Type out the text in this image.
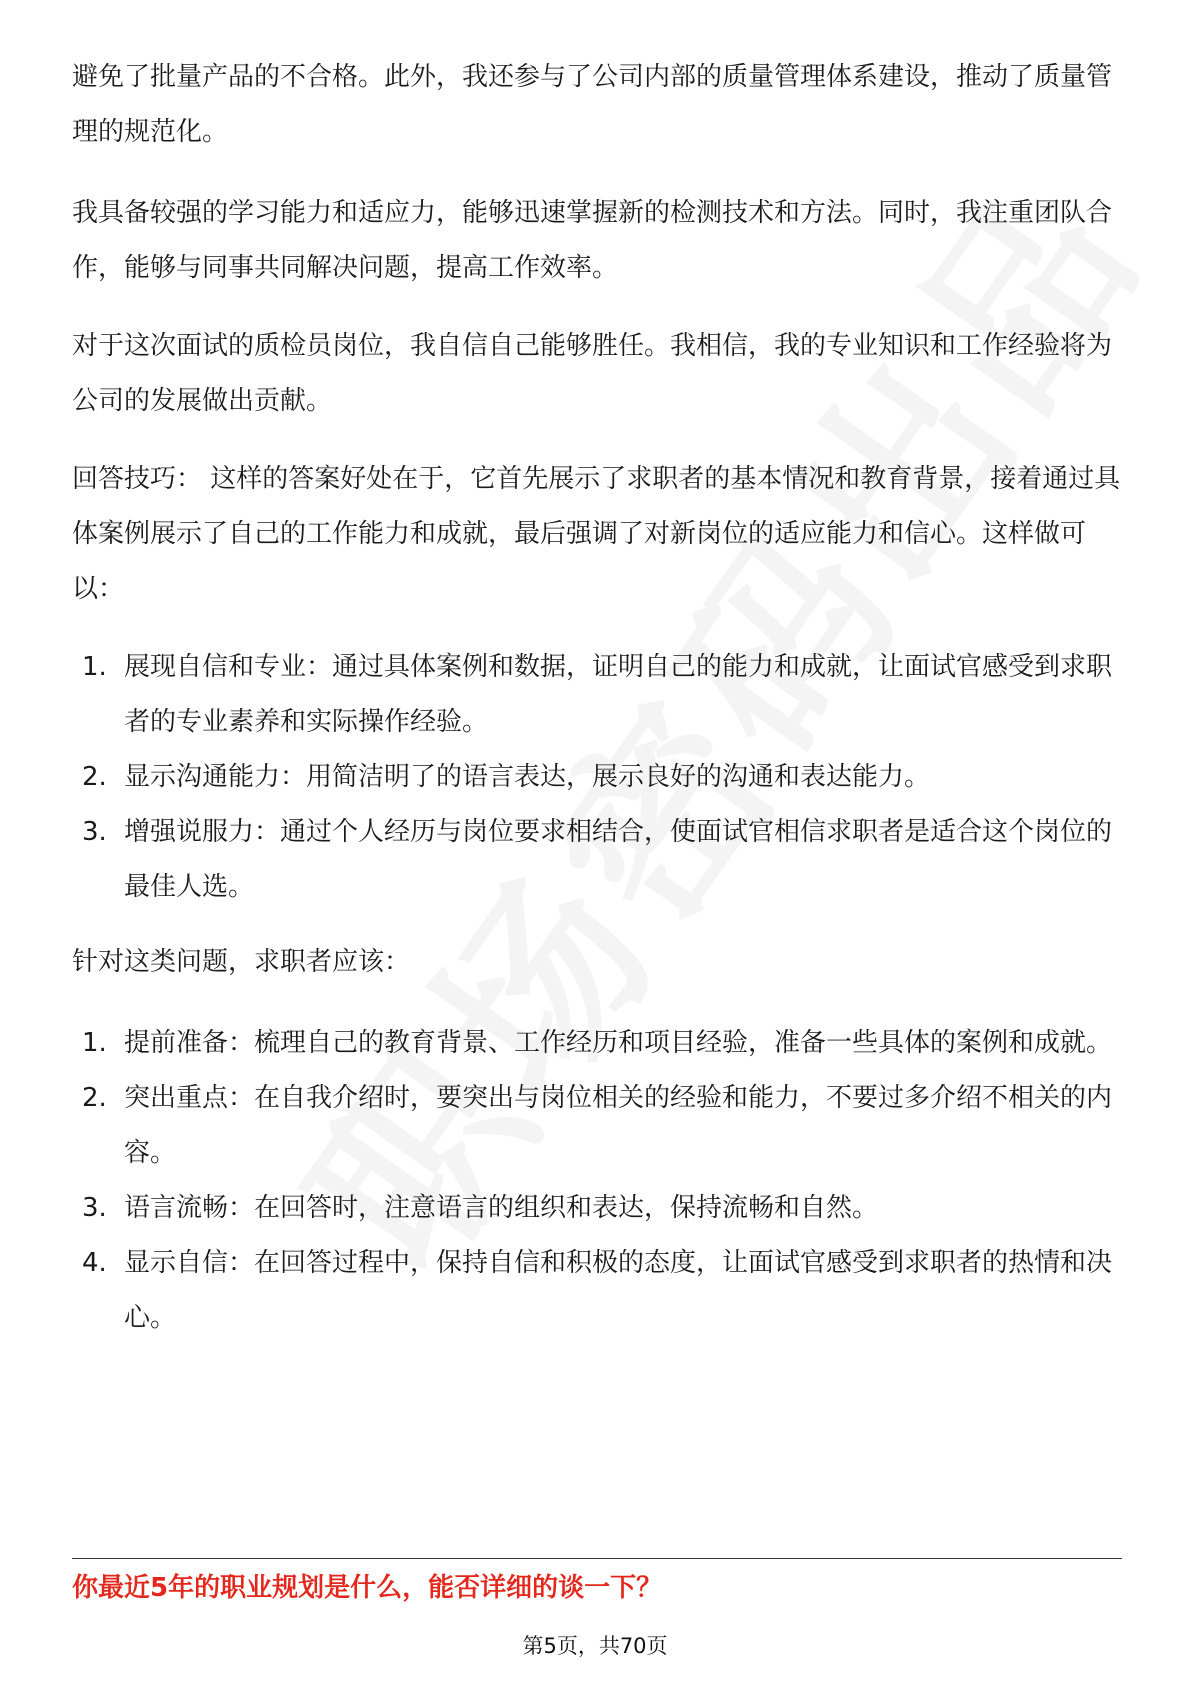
避免了批量产品的不合格。此外，我还参与了公司内部的质量管理体系建设，推动了质量管理的规范化。

我具备较强的学习能力和适应力，能够迅速掌握新的检测技术和方法。同时，我注重团队合作，能够与同事共同解决问题，提高工作效率。

对于这次面试的质检员岗位，我自信自己能够胜任。我相信，我的专业知识和工作经验将为公司的发展做出贡献。

回答技巧： 这样的答案好处在于，它首先展示了求职者的基本情况和教育背景，接着通过具体案例展示了自己的工作能力和成就，最后强调了对新岗位的适应能力和信心。这样做可以：

1. 展现自信和专业：通过具体案例和数据，证明自己的能力和成就，让面试官感受到求职者的专业素养和实际操作经验。
2. 显示沟通能力：用简洁明了的语言表达，展示良好的沟通和表达能力。
3. 增强说服力：通过个人经历与岗位要求相结合，使面试官相信求职者是适合这个岗位的最佳人选。

针对这类问题，求职者应该：

1. 提前准备：梳理自己的教育背景、工作经历和项目经验，准备一些具体的案例和成就。
2. 突出重点：在自我介绍时，要突出与岗位相关的经验和能力，不要过多介绍不相关的内容。
3. 语言流畅：在回答时，注意语言的组织和表达，保持流畅和自然。
4. 显示自信：在回答过程中，保持自信和积极的态度，让面试官感受到求职者的热情和决心。
你最近5年的职业规划是什么，能否详细的谈一下？
第5页，共70页
